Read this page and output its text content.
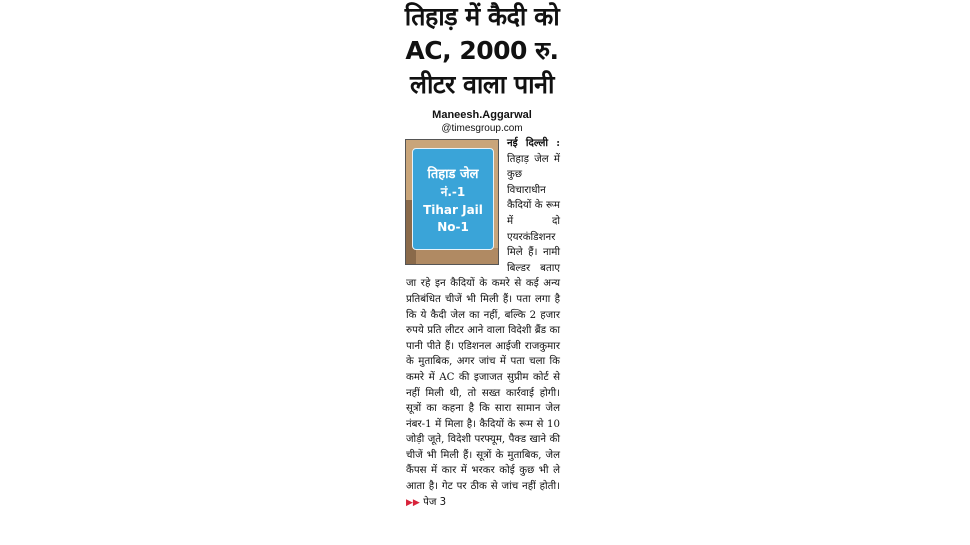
तिहाड़ में कैदी को
AC, 2000 रु.
लीटर वाला पानी
Maneesh.Aggarwal
@timesgroup.com

नई दिल्ली :
तिहाड जेल
नं.-1
Tihar Jail
No-1
तिहाड़ जेल में कुछ विचाराधीन कैदियों के रूम में दो एयरकंडिशनर मिले हैं। नामी बिल्डर बताए जा रहे इन कैदियों के कमरे से कई अन्य प्रतिबंधित चीजें भी मिली हैं। पता लगा है कि ये कैदी जेल का नहीं, बल्कि 2 हजार रुपये प्रति लीटर आने वाला विदेशी ब्रैंड का पानी पीते हैं। एडिशनल आईजी राजकुमार के मुताबिक, अगर जांच में पता चला कि कमरे में AC की इजाजत सुप्रीम कोर्ट से नहीं मिली थी, तो सख्त कार्रवाई होगी। सूत्रों का कहना है कि सारा सामान जेल नंबर-1 में मिला है। कैदियों के रूम से 10 जोड़ी जूते, विदेशी परफ्यूम, पैक्ड खाने की चीजें भी मिली हैं। सूत्रों के मुताबिक, जेल कैंपस में कार में भरकर कोई कुछ भी ले आता है। गेट पर ठीक से जांच नहीं होती। ▶▶ पेज 3
